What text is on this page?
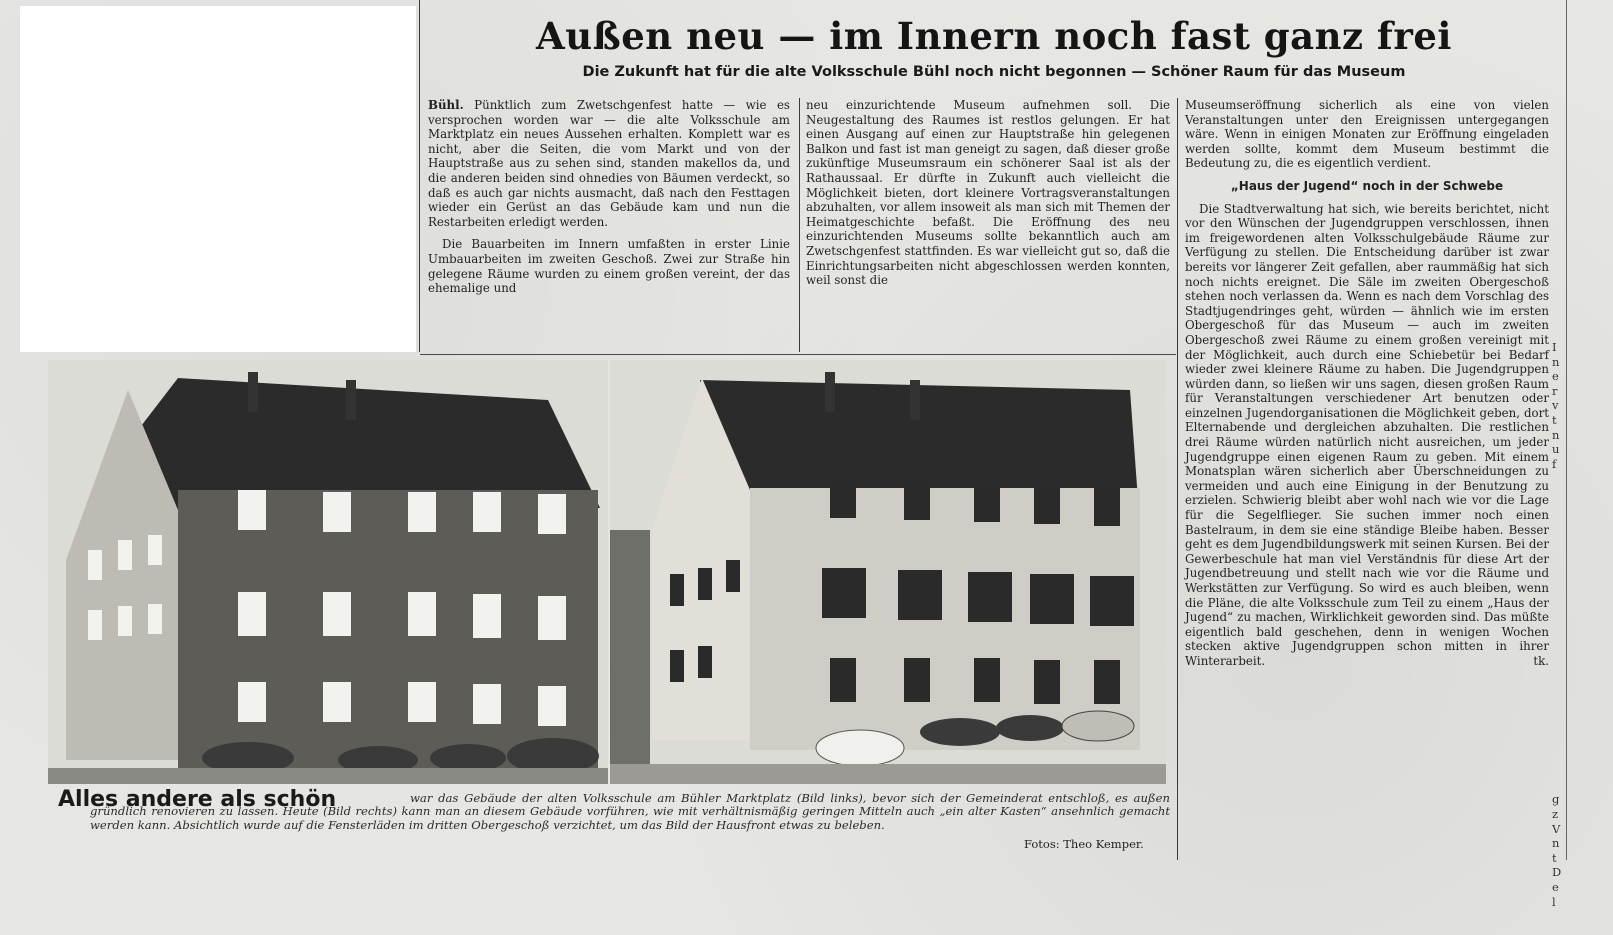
Außen neu — im Innern noch fast ganz frei
Die Zukunft hat für die alte Volksschule Bühl noch nicht begonnen — Schöner Raum für das Museum

Bühl. Pünktlich zum Zwetschgenfest hatte — wie es versprochen worden war — die alte Volksschule am Marktplatz ein neues Aussehen erhalten. Komplett war es nicht, aber die Seiten, die vom Markt und von der Hauptstraße aus zu sehen sind, standen makellos da, und die anderen beiden sind ohnedies von Bäumen verdeckt, so daß es auch gar nichts ausmacht, daß nach den Festtagen wieder ein Gerüst an das Gebäude kam und nun die Restarbeiten erledigt werden.

Die Bauarbeiten im Innern umfaßten in erster Linie Umbauarbeiten im zweiten Geschoß. Zwei zur Straße hin gelegene Räume wurden zu einem großen vereint, der das ehemalige und

neu einzurichtende Museum aufnehmen soll. Die Neugestaltung des Raumes ist restlos gelungen. Er hat einen Ausgang auf einen zur Hauptstraße hin gelegenen Balkon und fast ist man geneigt zu sagen, daß dieser große zukünftige Museumsraum ein schönerer Saal ist als der Rathaussaal. Er dürfte in Zukunft auch vielleicht die Möglichkeit bieten, dort kleinere Vortragsveranstaltungen abzuhalten, vor allem insoweit als man sich mit Themen der Heimatgeschichte befaßt. Die Eröffnung des neu einzurichtenden Museums sollte bekanntlich auch am Zwetschgenfest stattfinden. Es war vielleicht gut so, daß die Einrichtungsarbeiten nicht abgeschlossen werden konnten, weil sonst die

Museumseröffnung sicherlich als eine von vielen Veranstaltungen unter den Ereignissen untergegangen wäre. Wenn in einigen Monaten zur Eröffnung eingeladen werden sollte, kommt dem Museum bestimmt die Bedeutung zu, die es eigentlich verdient.

„Haus der Jugend“ noch in der Schwebe

Die Stadtverwaltung hat sich, wie bereits berichtet, nicht vor den Wünschen der Jugendgruppen verschlossen, ihnen im freigewordenen alten Volksschulgebäude Räume zur Verfügung zu stellen. Die Entscheidung darüber ist zwar bereits vor längerer Zeit gefallen, aber raummäßig hat sich noch nichts ereignet. Die Säle im zweiten Obergeschoß stehen noch verlassen da. Wenn es nach dem Vorschlag des Stadtjugendringes geht, würden — ähnlich wie im ersten Obergeschoß für das Museum — auch im zweiten Obergeschoß zwei Räume zu einem großen vereinigt mit der Möglichkeit, auch durch eine Schiebetür bei Bedarf wieder zwei kleinere Räume zu haben. Die Jugendgruppen würden dann, so ließen wir uns sagen, diesen großen Raum für Veranstaltungen verschiedener Art benutzen oder einzelnen Jugendorganisationen die Möglichkeit geben, dort Elternabende und dergleichen abzuhalten. Die restlichen drei Räume würden natürlich nicht ausreichen, um jeder Jugendgruppe einen eigenen Raum zu geben. Mit einem Monatsplan wären sicherlich aber Überschneidungen zu vermeiden und auch eine Einigung in der Benutzung zu erzielen. Schwierig bleibt aber wohl nach wie vor die Lage für die Segelflieger. Sie suchen immer noch einen Bastelraum, in dem sie eine ständige Bleibe haben. Besser geht es dem Jugendbildungswerk mit seinen Kursen. Bei der Gewerbeschule hat man viel Verständnis für diese Art der Jugendbetreuung und stellt nach wie vor die Räume und Werkstätten zur Verfügung. So wird es auch bleiben, wenn die Pläne, die alte Volksschule zum Teil zu einem „Haus der Jugend“ zu machen, Wirklichkeit geworden sind. Das müßte eigentlich bald geschehen, denn in wenigen Wochen stecken aktive Jugendgruppen schon mitten in ihrer Winterarbeit.	tk.

Alles andere als schön	war das Gebäude der alten Volksschule am Bühler Marktplatz (Bild links), bevor sich der Gemeinderat entschloß, es außen gründlich renovieren zu lassen. Heute (Bild rechts) kann man an diesem Gebäude vorführen, wie mit verhältnismäßig geringen Mitteln auch „ein alter Kasten“ ansehnlich gemacht werden kann. Absichtlich wurde auf die Fensterläden im dritten Obergeschoß verzichtet, um das Bild der Hausfront etwas zu beleben.
Fotos: Theo Kemper.
I
n
e
r
v
t
n
u
f

g
z
V
n
t
D
e
l
